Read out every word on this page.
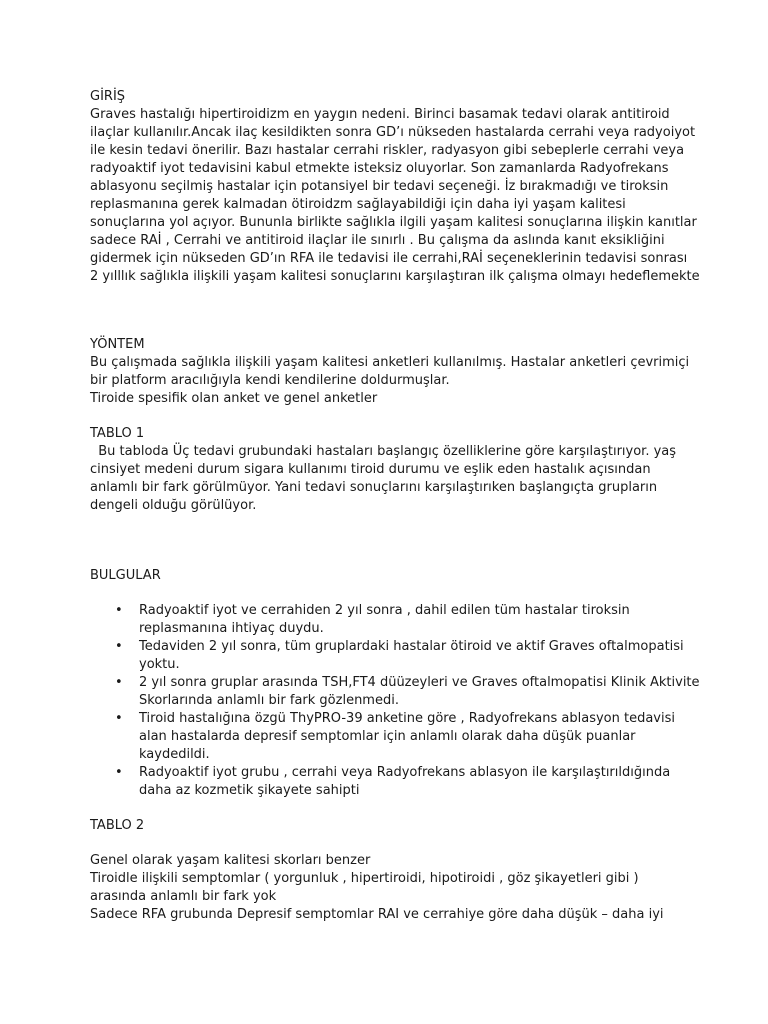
GİRİŞ
Graves hastalığı hipertiroidizm en yaygın nedeni. Birinci basamak tedavi olarak antitiroid
ilaçlar kullanılır.Ancak ilaç kesildikten sonra GD’ı nükseden hastalarda cerrahi veya radyoiyot
ile kesin tedavi önerilir. Bazı hastalar cerrahi riskler, radyasyon gibi sebeplerle cerrahi veya
radyoaktif iyot tedavisini kabul etmekte isteksiz oluyorlar. Son zamanlarda Radyofrekans
ablasyonu seçilmiş hastalar için potansiyel bir tedavi seçeneği. İz bırakmadığı ve tiroksin
replasmanına gerek kalmadan ötiroidzm sağlayabildiği için daha iyi yaşam kalitesi
sonuçlarına yol açıyor. Bununla birlikte sağlıkla ilgili yaşam kalitesi sonuçlarına ilişkin kanıtlar
sadece RAİ , Cerrahi ve antitiroid ilaçlar ile sınırlı . Bu çalışma da aslında kanıt eksikliğini
gidermek için nükseden GD’ın RFA ile tedavisi ile cerrahi,RAİ seçeneklerinin tedavisi sonrası
2 yılllık sağlıkla ilişkili yaşam kalitesi sonuçlarını karşılaştıran ilk çalışma olmayı hedeflemekte
YÖNTEM
Bu çalışmada sağlıkla ilişkili yaşam kalitesi anketleri kullanılmış. Hastalar anketleri çevrimiçi
bir platform aracılığıyla kendi kendilerine doldurmuşlar.
Tiroide spesifik olan anket ve genel anketler
TABLO 1
Bu tabloda Üç tedavi grubundaki hastaları başlangıç özelliklerine göre karşılaştırıyor. yaş
cinsiyet medeni durum sigara kullanımı tiroid durumu ve eşlik eden hastalık açısından
anlamlı bir fark görülmüyor. Yani tedavi sonuçlarını karşılaştırıken başlangıçta grupların
dengeli olduğu görülüyor.
BULGULAR
• Radyoaktif iyot ve cerrahiden 2 yıl sonra , dahil edilen tüm hastalar tiroksin
replasmanına ihtiyaç duydu.
• Tedaviden 2 yıl sonra, tüm gruplardaki hastalar ötiroid ve aktif Graves oftalmopatisi
yoktu.
• 2 yıl sonra gruplar arasında TSH,FT4 düüzeyleri ve Graves oftalmopatisi Klinik Aktivite
Skorlarında anlamlı bir fark gözlenmedi.
• Tiroid hastalığına özgü ThyPRO-39 anketine göre , Radyofrekans ablasyon tedavisi
alan hastalarda depresif semptomlar için anlamlı olarak daha düşük puanlar
kaydedildi.
• Radyoaktif iyot grubu , cerrahi veya Radyofrekans ablasyon ile karşılaştırıldığında
daha az kozmetik şikayete sahipti
TABLO 2
Genel olarak yaşam kalitesi skorları benzer
Tiroidle ilişkili semptomlar ( yorgunluk , hipertiroidi, hipotiroidi , göz şikayetleri gibi )
arasında anlamlı bir fark yok
Sadece RFA grubunda Depresif semptomlar RAI ve cerrahiye göre daha düşük – daha iyi
